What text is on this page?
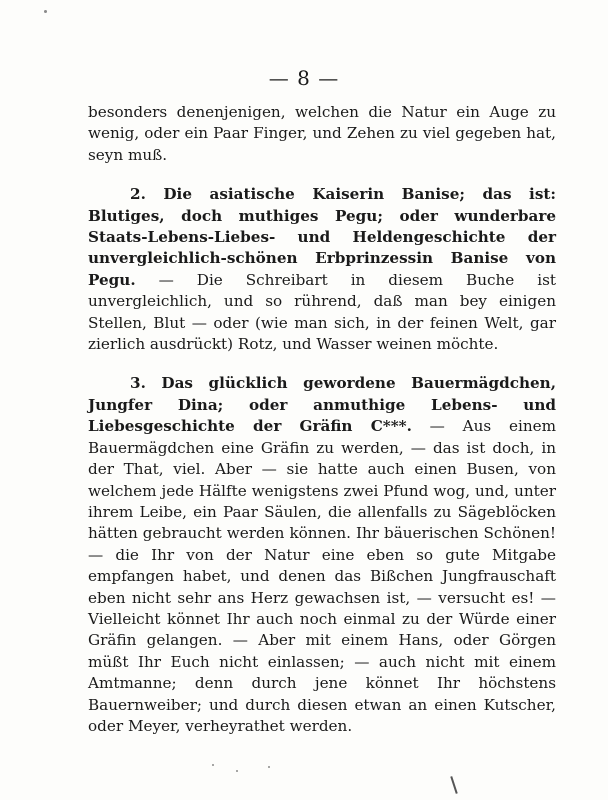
— 8 —

besonders denenjenigen, welchen die Natur ein Auge zu wenig, oder ein Paar Finger, und Zehen zu viel gegeben hat, seyn muß.

2. Die asiatische Kaiserin Banise; das ist: Blutiges, doch muthiges Pegu; oder wunderbare Staats-Lebens-Liebes- und Heldengeschichte der unvergleichlich-schönen Erbprinzessin Banise von Pegu. — Die Schreibart in diesem Buche ist unvergleichlich, und so rührend, daß man bey einigen Stellen, Blut — oder (wie man sich, in der feinen Welt, gar zierlich ausdrückt) Rotz, und Wasser weinen möchte.

3. Das glücklich gewordene Bauermägdchen, Jungfer Dina; oder anmuthige Lebens- und Liebesgeschichte der Gräfin C***. — Aus einem Bauermägdchen eine Gräfin zu werden, — das ist doch, in der That, viel. Aber — sie hatte auch einen Busen, von welchem jede Hälfte wenigstens zwei Pfund wog, und, unter ihrem Leibe, ein Paar Säulen, die allenfalls zu Sägeblöcken hätten gebraucht werden können. Ihr bäuerischen Schönen! — die Ihr von der Natur eine eben so gute Mitgabe empfangen habet, und denen das Bißchen Jungfrauschaft eben nicht sehr ans Herz gewachsen ist, — versucht es! — Vielleicht könnet Ihr auch noch einmal zu der Würde einer Gräfin gelangen. — Aber mit einem Hans, oder Görgen müßt Ihr Euch nicht einlassen; — auch nicht mit einem Amtmanne; denn durch jene könnet Ihr höchstens Bauernweiber; und durch diesen etwan an einen Kutscher, oder Meyer, verheyrathet werden.
